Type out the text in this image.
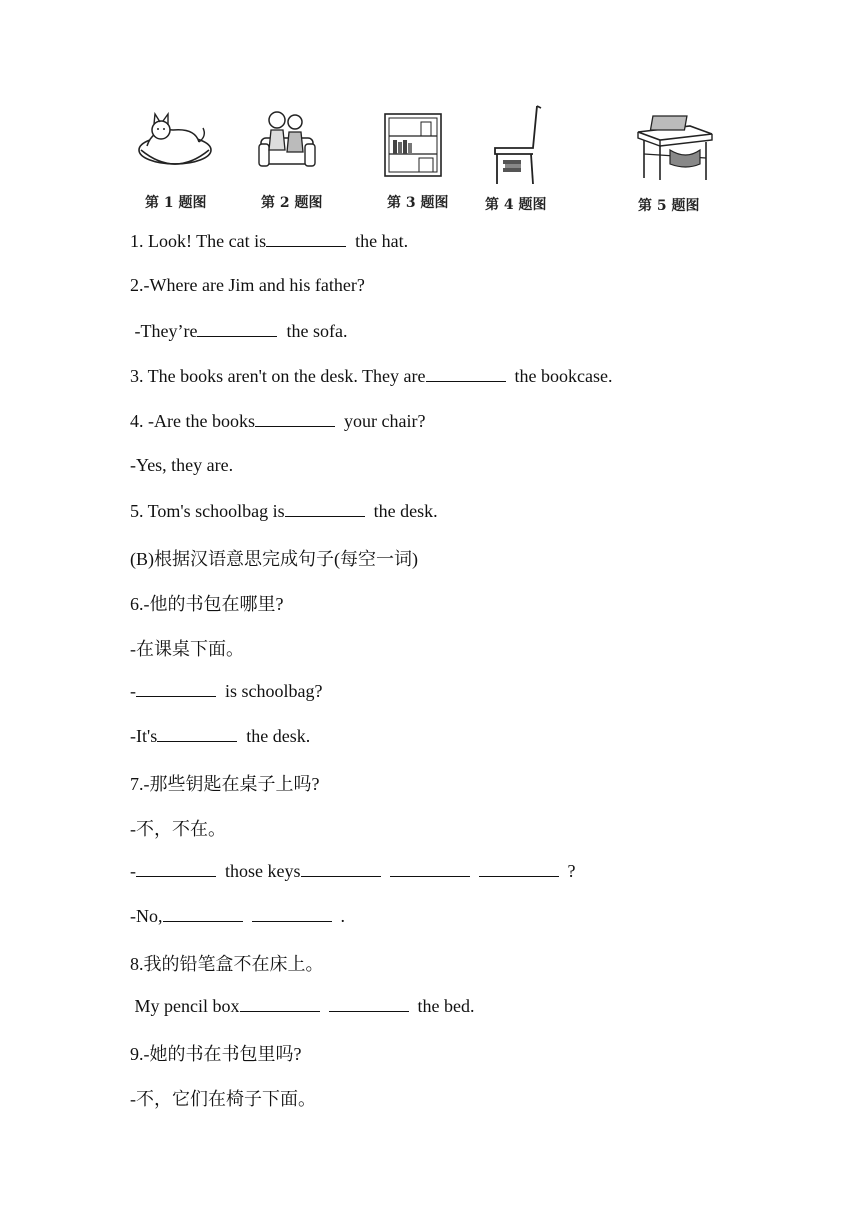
第 1 题图	第 2 题图	第 3 题图	第 4 题图	第 5 题图
1. Look! The cat is	the hat.
2.-Where are Jim and his father?
-They’re	the sofa.
3. The books aren't on the desk. They are	the bookcase.
4. -Are the books	your chair?
-Yes, they are.
5. Tom's schoolbag is	the desk.
(B)根据汉语意思完成句子(每空一词)
6.-他的书包在哪里?
-在课桌下面。
-	is schoolbag?
-It's	the desk.
7.-那些钥匙在桌子上吗?
-不，不在。
-	those keys	?
-No,	.
8.我的铅笔盒不在床上。
My pencil box	the bed.
9.-她的书在书包里吗?
-不，它们在椅子下面。
